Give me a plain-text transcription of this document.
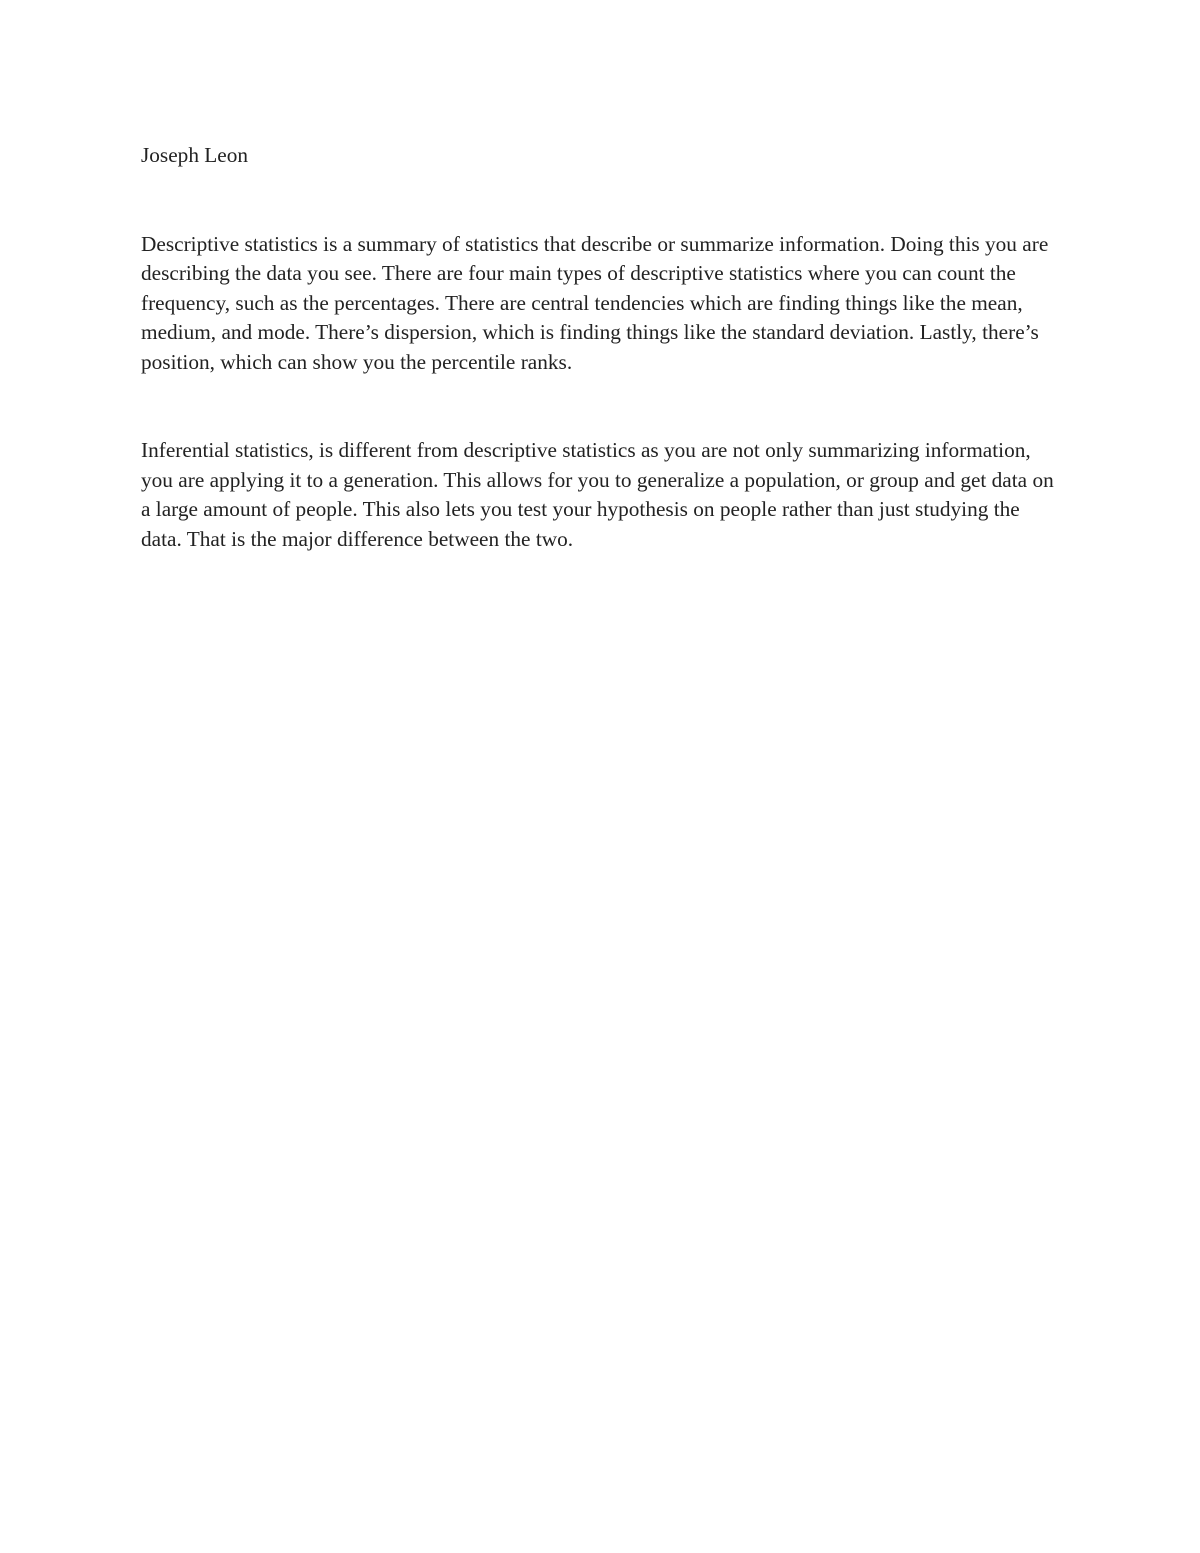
Joseph Leon

Descriptive statistics is a summary of statistics that describe or summarize information. Doing this you are describing the data you see. There are four main types of descriptive statistics where you can count the frequency, such as the percentages. There are central tendencies which are finding things like the mean, medium, and mode. There’s dispersion, which is finding things like the standard deviation. Lastly, there’s position, which can show you the percentile ranks.

Inferential statistics, is different from descriptive statistics as you are not only summarizing information, you are applying it to a generation. This allows for you to generalize a population, or group and get data on a large amount of people. This also lets you test your hypothesis on people rather than just studying the data. That is the major difference between the two.
